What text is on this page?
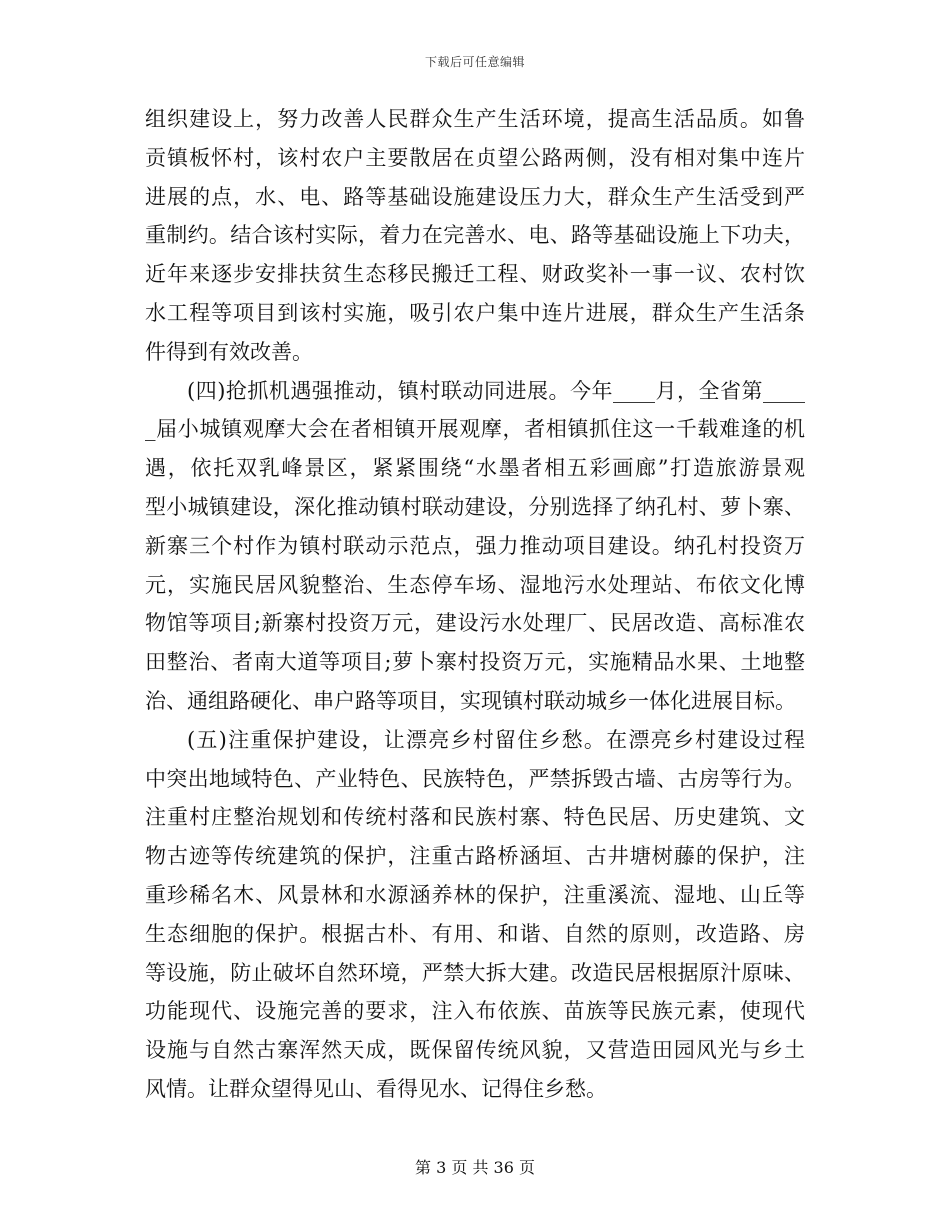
下载后可任意编辑
组织建设上，努力改善人民群众生产生活环境，提高生活品质。如鲁
贡镇板怀村，该村农户主要散居在贞望公路两侧，没有相对集中连片
进展的点，水、电、路等基础设施建设压力大，群众生产生活受到严
重制约。结合该村实际，着力在完善水、电、路等基础设施上下功夫，
近年来逐步安排扶贫生态移民搬迁工程、财政奖补一事一议、农村饮
水工程等项目到该村实施，吸引农户集中连片进展，群众生产生活条
件得到有效改善。
(四)抢抓机遇强推动，镇村联动同进展。今年____月，全省第____
_届小城镇观摩大会在者相镇开展观摩，者相镇抓住这一千载难逢的机
遇，依托双乳峰景区，紧紧围绕“水墨者相五彩画廊”打造旅游景观
型小城镇建设，深化推动镇村联动建设，分别选择了纳孔村、萝卜寨、
新寨三个村作为镇村联动示范点，强力推动项目建设。纳孔村投资万
元，实施民居风貌整治、生态停车场、湿地污水处理站、布依文化博
物馆等项目;新寨村投资万元，建设污水处理厂、民居改造、高标准农
田整治、者南大道等项目;萝卜寨村投资万元，实施精品水果、土地整
治、通组路硬化、串户路等项目，实现镇村联动城乡一体化进展目标。
(五)注重保护建设，让漂亮乡村留住乡愁。在漂亮乡村建设过程
中突出地域特色、产业特色、民族特色，严禁拆毁古墙、古房等行为。
注重村庄整治规划和传统村落和民族村寨、特色民居、历史建筑、文
物古迹等传统建筑的保护，注重古路桥涵垣、古井塘树藤的保护，注
重珍稀名木、风景林和水源涵养林的保护，注重溪流、湿地、山丘等
生态细胞的保护。根据古朴、有用、和谐、自然的原则，改造路、房
等设施，防止破坏自然环境，严禁大拆大建。改造民居根据原汁原味、
功能现代、设施完善的要求，注入布依族、苗族等民族元素，使现代
设施与自然古寨浑然天成，既保留传统风貌，又营造田园风光与乡土
风情。让群众望得见山、看得见水、记得住乡愁。
第 3 页 共 36 页
